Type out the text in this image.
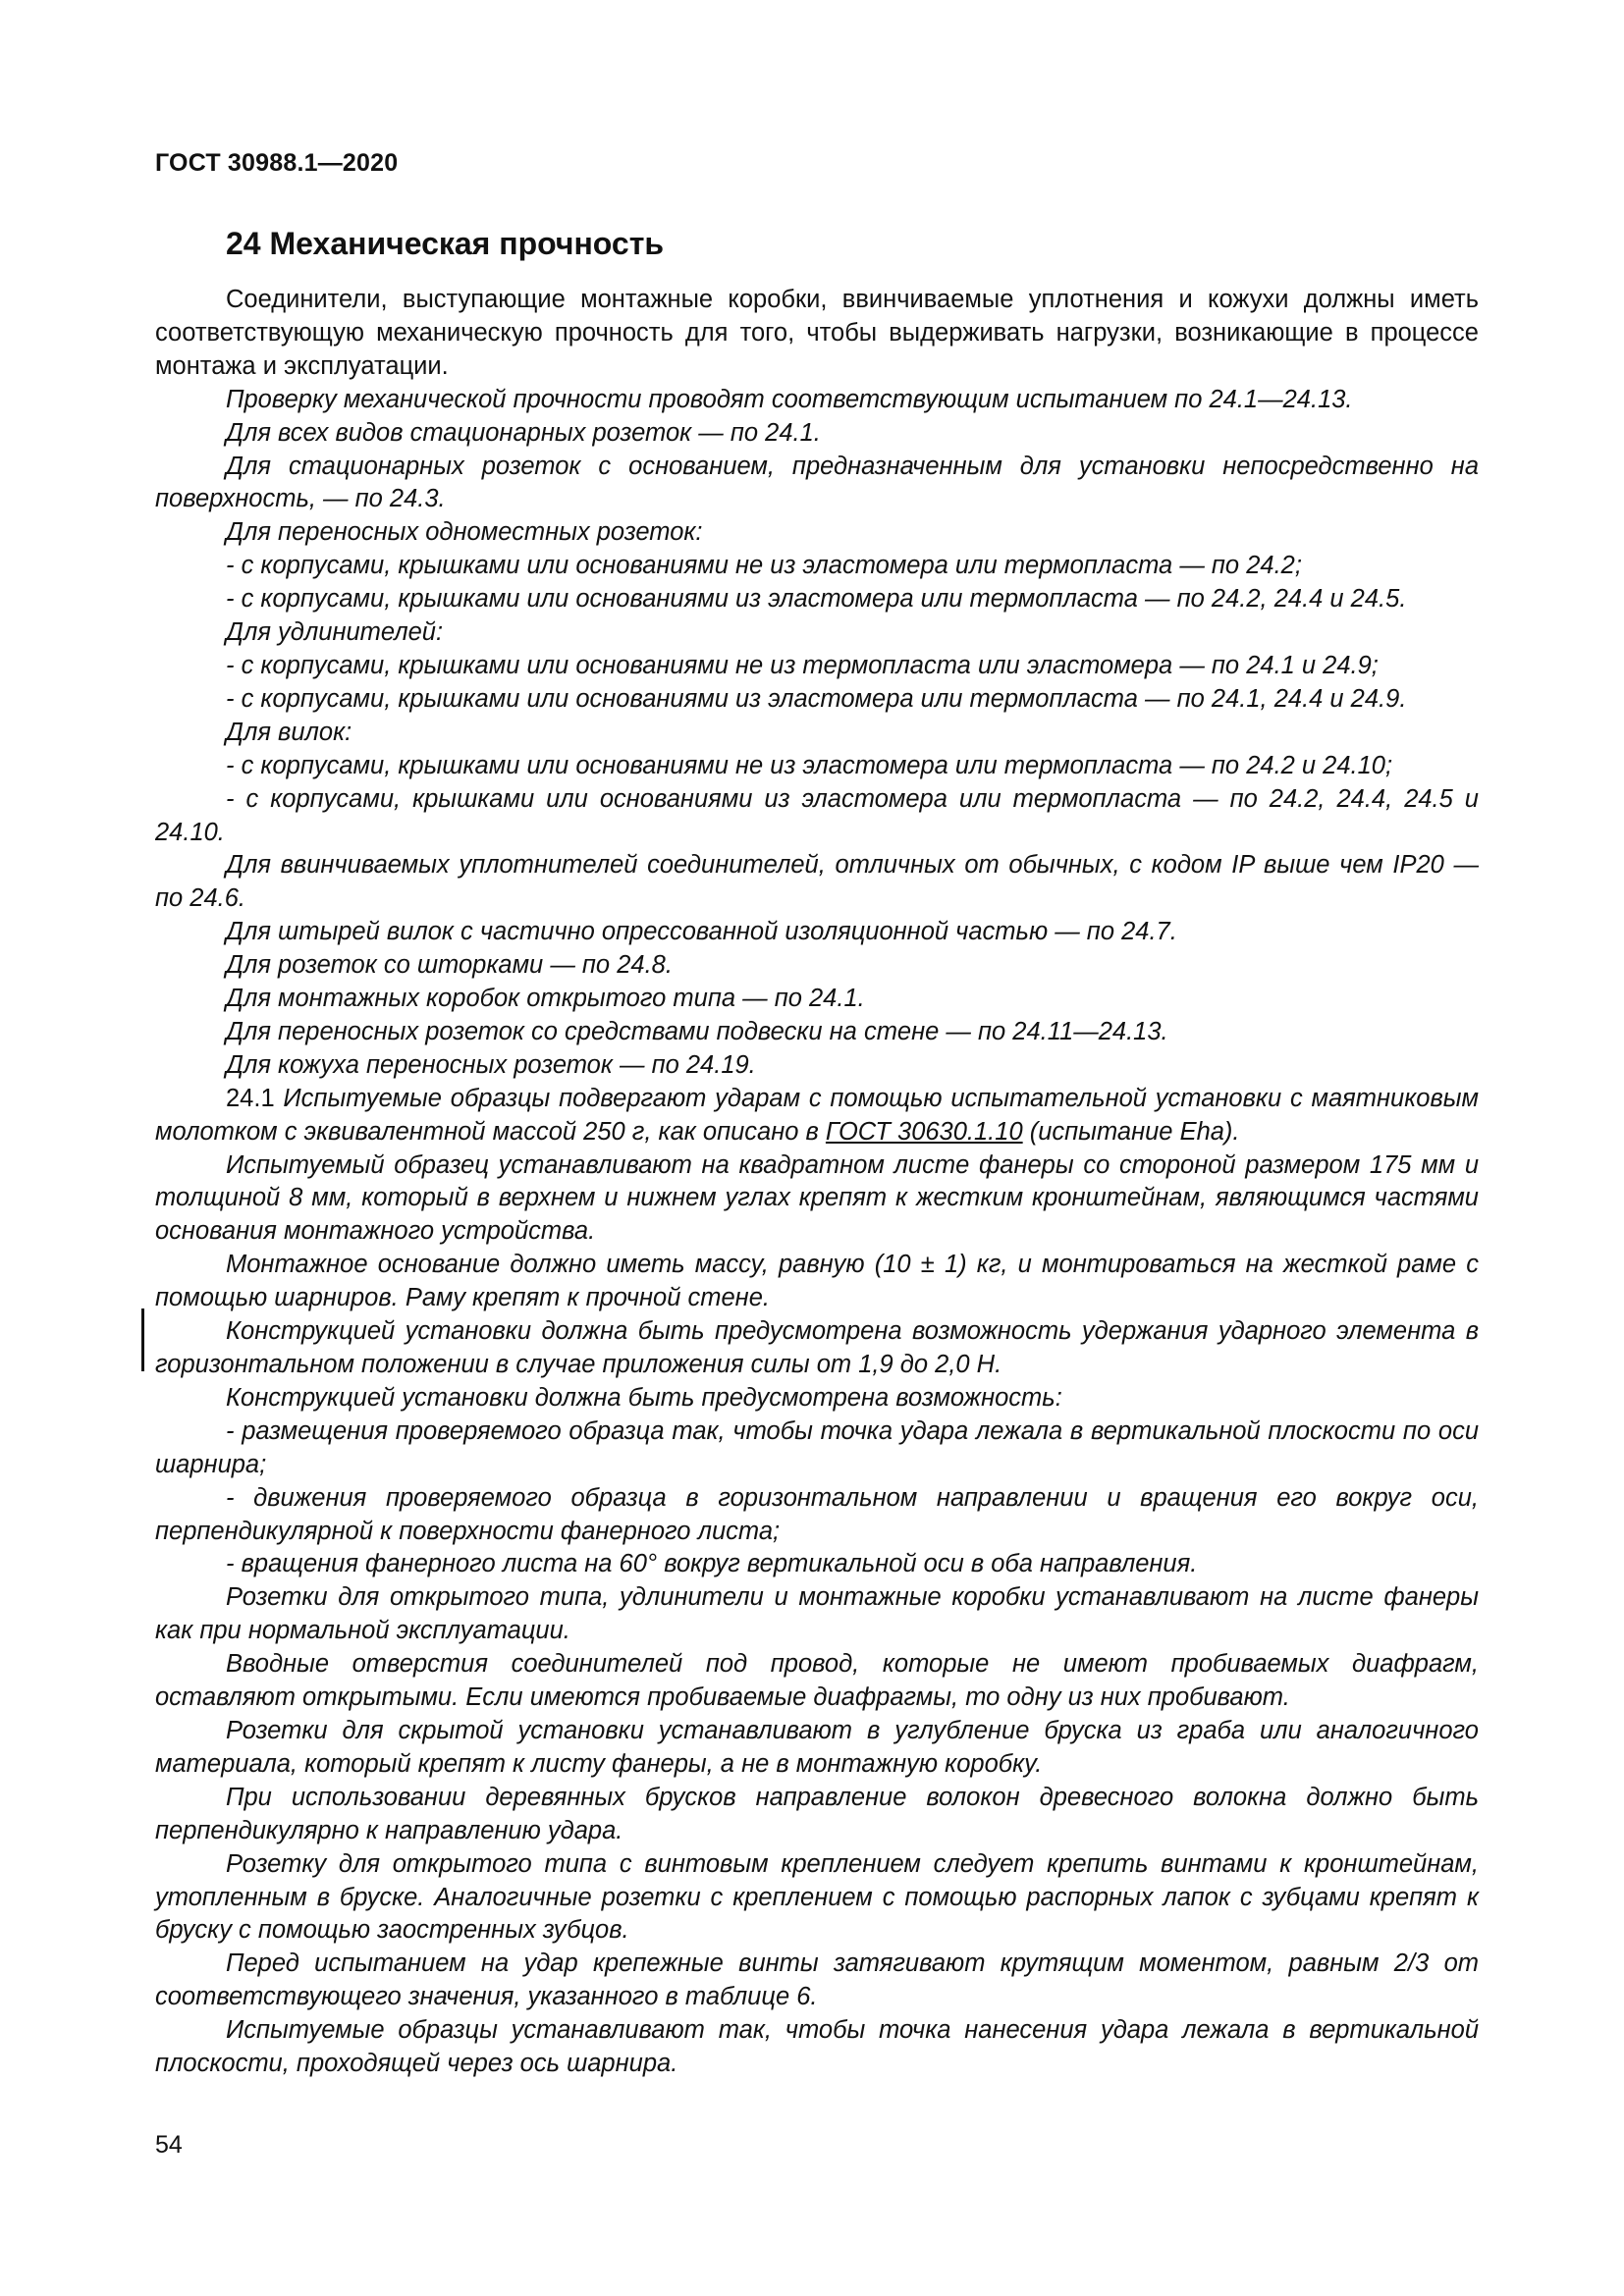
ГОСТ 30988.1—2020
24 Механическая прочность

Соединители, выступающие монтажные коробки, ввинчиваемые уплотнения и кожухи должны иметь соответствующую механическую прочность для того, чтобы выдерживать нагрузки, возникающие в процессе монтажа и эксплуатации.

Проверку механической прочности проводят соответствующим испытанием по 24.1—24.13.

Для всех видов стационарных розеток — по 24.1.

Для стационарных розеток с основанием, предназначенным для установки непосредственно на поверхность, — по 24.3.

Для переносных одноместных розеток:

- с корпусами, крышками или основаниями не из эластомера или термопласта — по 24.2;

- с корпусами, крышками или основаниями из эластомера или термопласта — по 24.2, 24.4 и 24.5.

Для удлинителей:

- с корпусами, крышками или основаниями не из термопласта или эластомера — по 24.1 и 24.9;

- с корпусами, крышками или основаниями из эластомера или термопласта — по 24.1, 24.4 и 24.9.

Для вилок:

- с корпусами, крышками или основаниями не из эластомера или термопласта — по 24.2 и 24.10;

- с корпусами, крышками или основаниями из эластомера или термопласта — по 24.2, 24.4, 24.5 и 24.10.

Для ввинчиваемых уплотнителей соединителей, отличных от обычных, с кодом IP выше чем IP20 — по 24.6.

Для штырей вилок с частично опрессованной изоляционной частью — по 24.7.

Для розеток со шторками — по 24.8.

Для монтажных коробок открытого типа — по 24.1.

Для переносных розеток со средствами подвески на стене — по 24.11—24.13.

Для кожуха переносных розеток — по 24.19.

24.1 Испытуемые образцы подвергают ударам с помощью испытательной установки с маятниковым молотком с эквивалентной массой 250 г, как описано в ГОСТ 30630.1.10 (испытание Eha).

Испытуемый образец устанавливают на квадратном листе фанеры со стороной размером 175 мм и толщиной 8 мм, который в верхнем и нижнем углах крепят к жестким кронштейнам, являющимся частями основания монтажного устройства.

Монтажное основание должно иметь массу, равную (10 ± 1) кг, и монтироваться на жесткой раме с помощью шарниров. Раму крепят к прочной стене.

Конструкцией установки должна быть предусмотрена возможность удержания ударного элемента в горизонтальном положении в случае приложения силы от 1,9 до 2,0 Н.

Конструкцией установки должна быть предусмотрена возможность:

- размещения проверяемого образца так, чтобы точка удара лежала в вертикальной плоскости по оси шарнира;

- движения проверяемого образца в горизонтальном направлении и вращения его вокруг оси, перпендикулярной к поверхности фанерного листа;

- вращения фанерного листа на 60° вокруг вертикальной оси в оба направления.

Розетки для открытого типа, удлинители и монтажные коробки устанавливают на листе фанеры как при нормальной эксплуатации.

Вводные отверстия соединителей под провод, которые не имеют пробиваемых диафрагм, оставляют открытыми. Если имеются пробиваемые диафрагмы, то одну из них пробивают.

Розетки для скрытой установки устанавливают в углубление бруска из граба или аналогичного материала, который крепят к листу фанеры, а не в монтажную коробку.

При использовании деревянных брусков направление волокон древесного волокна должно быть перпендикулярно к направлению удара.

Розетку для открытого типа с винтовым креплением следует крепить винтами к кронштейнам, утопленным в бруске. Аналогичные розетки с креплением с помощью распорных лапок с зубцами крепят к бруску с помощью заостренных зубцов.

Перед испытанием на удар крепежные винты затягивают крутящим моментом, равным 2/3 от соответствующего значения, указанного в таблице 6.

Испытуемые образцы устанавливают так, чтобы точка нанесения удара лежала в вертикальной плоскости, проходящей через ось шарнира.

54
